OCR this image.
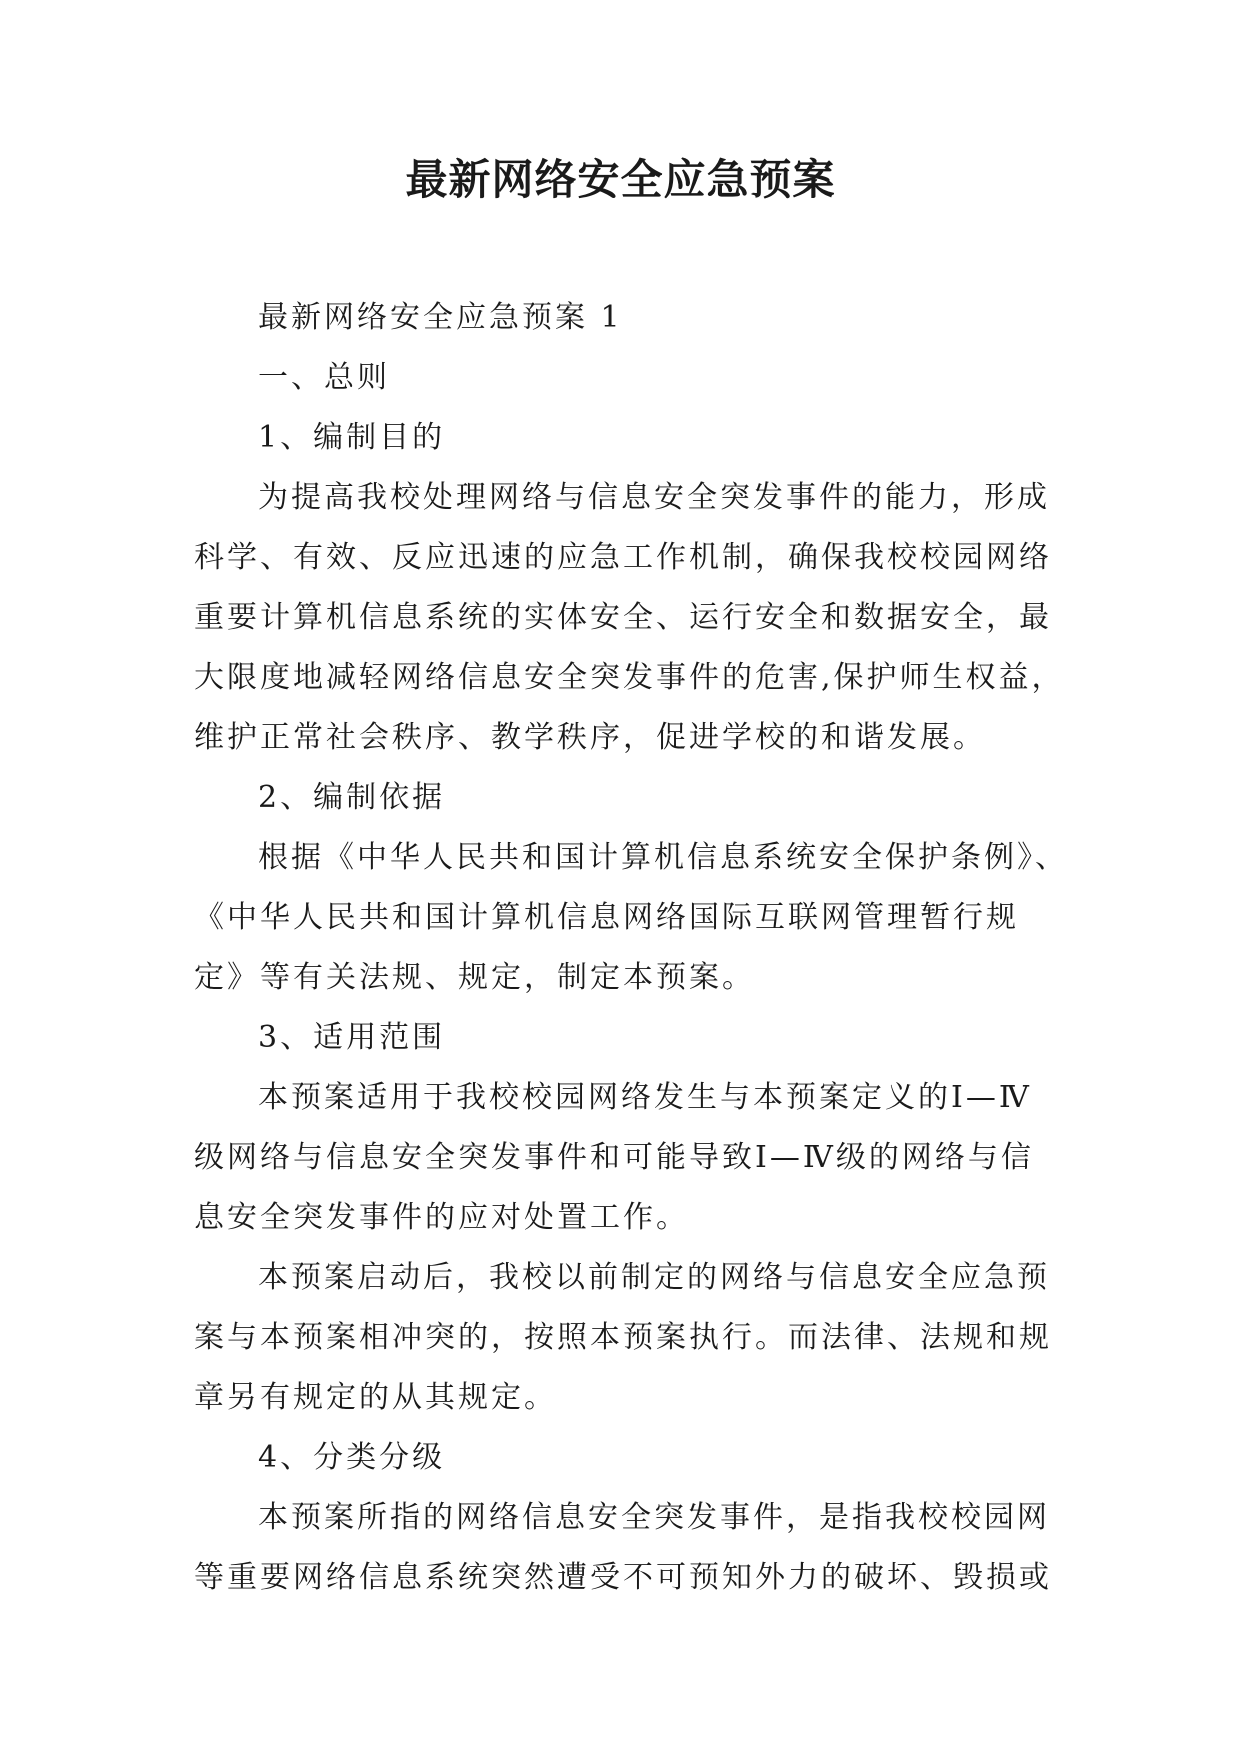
最新网络安全应急预案
最新网络安全应急预案 1
一、总则
1、编制目的
为提高我校处理网络与信息安全突发事件的能力，形成
科学、有效、反应迅速的应急工作机制，确保我校校园网络
重要计算机信息系统的实体安全、运行安全和数据安全，最
大限度地减轻网络信息安全突发事件的危害,保护师生权益，
维护正常社会秩序、教学秩序，促进学校的和谐发展。
2、编制依据
根据《中华人民共和国计算机信息系统安全保护条例》、
《中华人民共和国计算机信息网络国际互联网管理暂行规
定》等有关法规、规定，制定本预案。
3、适用范围
本预案适用于我校校园网络发生与本预案定义的Ⅰ—Ⅳ
级网络与信息安全突发事件和可能导致Ⅰ—Ⅳ级的网络与信
息安全突发事件的应对处置工作。
本预案启动后，我校以前制定的网络与信息安全应急预
案与本预案相冲突的，按照本预案执行。而法律、法规和规
章另有规定的从其规定。
4、分类分级
本预案所指的网络信息安全突发事件，是指我校校园网
等重要网络信息系统突然遭受不可预知外力的破坏、毁损或
